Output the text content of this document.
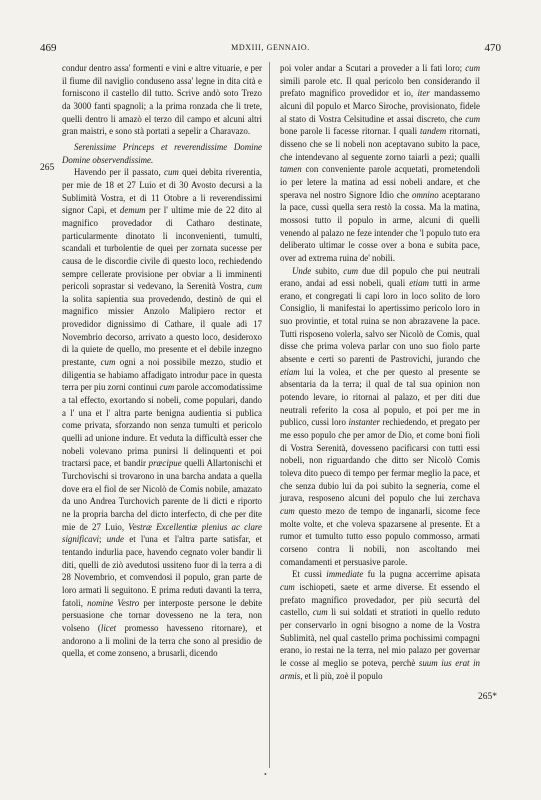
469	MDXIII, GENNAIO.	470
265
265*

condur dentro assa' formenti e vini e altre vituarie, e per il fiume dil naviglio conduseno assa' legne in dita cità e forniscono il castello dil tutto. Scrive andò soto Trezo da 3000 fanti spagnoli; a la prima ronzada che li trete, quelli dentro li amazò el terzo dil campo et alcuni altri gran maistri, e sono stà portati a sepelir a Charavazo.

Serenissime Princeps et reverendissime Domine Domine observendissime.

Havendo per il passato, cum quei debita riverentia, per mie de 18 et 27 Luio et di 30 Avosto decursi a la Sublimità Vostra, et di 11 Otobre a li reverendissimi signor Capi, et demum per l' ultime mie de 22 dito al magnifico provedador di Catharo destinate, particularmente dinotato li inconvenienti, tumulti, scandali et turbolentie de quei per zornata sucesse per causa de le discordie civile di questo loco, rechiedendo sempre cellerate provisione per obviar a li imminenti pericoli soprastar si vedevano, la Serenità Vostra, cum la solita sapientia sua provedendo, destinò de qui el magnifico missier Anzolo Malipiero rector et provedidor dignissimo di Cathare, il quale adi 17 Novembrio decorso, arrivato a questo loco, desideroxo di la quiete de quello, mo presente et el debile inzegno prestante, cum ogni a noi possibile mezzo, studio et diligentia se habiamo affadigato introdur pace in questa terra per piu zorni continui cum parole accomodatissime a tal effecto, exortando si nobeli, come populari, dando a l' una et l' altra parte benigna audientia si publica come privata, sforzando non senza tumulti et pericolo quelli ad unione indure. Et veduta la difficultà esser che nobeli volevano prima punirsi li delinquenti et poi tractarsi pace, et bandir præcipue quelli Allartonischi et Turchovischi si trovarono in una barcha andata a quella dove era el fiol de ser Nicolò de Comis nobile, amazato da uno Andrea Turchovich parente de li dicti e riporto ne la propria barcha del dicto interfecto, di che per dite mie de 27 Luio, Vestræ Excellentiæ plenius ac clare significavi; unde et l'una et l'altra parte satisfar, et tentando indurlia pace, havendo cegnato voler bandir li diti, quelli de ziò avedutosi ussiteno fuor di la terra a di 28 Novembrio, et comvendosi il populo, gran parte de loro armati li seguitono. E prima reduti davanti la terra, fatoli, nomine Vestro per interposte persone le debite persuasione che tornar dovesseno ne la tera, non volseno (licet promesso havesseno ritornare), et andorono a li molini de la terra che sono al presidio de quella, et come zonseno, a brusarli, dicendo

poi voler andar a Scutari a proveder a li fati loro; cum simili parole etc. Il qual pericolo ben considerando il prefato magnifico provedidor et io, iter mandassemo alcuni dil populo et Marco Siroche, provisionato, fidele al stato di Vostra Celsitudine et assai discreto, che cum bone parole li facesse ritornar. I quali tandem ritornati, disseno che se li nobeli non aceptavano subito la pace, che intendevano al seguente zorno taiarli a pezi; qualli tamen con conveniente parole acquetati, prometendoli io per letere la matina ad essi nobeli andare, et che sperava nel nostro Signore Idio che omnino aceptarano la pace, cussì quella sera restò la cossa. Ma la matina, mossosi tutto il populo in arme, alcuni di quelli venendo al palazo ne feze intender che 'l populo tuto era deliberato ultimar le cosse over a bona e subita pace, over ad extrema ruina de' nobili.

Unde subito, cum due dil populo che pui neutrali erano, andai ad essi nobeli, quali etiam tutti in arme erano, et congregati li capi loro in loco solito de loro Consiglio, li manifestai lo apertissimo pericolo loro in suo provintie, et total ruina se non abrazavene la pace. Tutti risposeno volerla, salvo ser Nicolò de Comis, qual disse che prima voleva parlar con uno suo fiolo parte absente e certi so parenti de Pastrovichi, jurando che etiam lui la volea, et che per questo al presente se absentaria da la terra; il qual de tal sua opinion non potendo levare, io ritornai al palazo, et per diti due neutrali referito la cosa al populo, et poi per me in publico, cussì loro instanter rechiedendo, et pregato per me esso populo che per amor de Dio, et come boni fioli di Vostra Serenità, dovesseno pacificarsi con tutti essi nobeli, non riguardando che ditto ser Nicolò Comis toleva dito pueco di tempo per fermar meglio la pace, et che senza dubio lui da poi subito la segneria, come el jurava, resposeno alcuni del populo che lui zerchava cum questo mezo de tempo de inganarli, sicome fece molte volte, et che voleva spazarsene al presente. Et a rumor et tumulto tutto esso populo commosso, armati corseno contra li nobili, non ascoltando mei comandamenti et persuasive parole.

Et cussì immediate fu la pugna accerrime apisata cum ischiopeti, saete et arme diverse. Et essendo el prefato magnifico provedador, per più securtà del castello, cum li sui soldati et stratioti in quello reduto per conservarlo in ogni bisogno a nome de la Vostra Sublimità, nel qual castello prima pochissimi compagni erano, io restai ne la terra, nel mio palazo per governar le cosse al meglio se poteva, perchè suum ius erat in armis, et li più, zoè il populo

•
